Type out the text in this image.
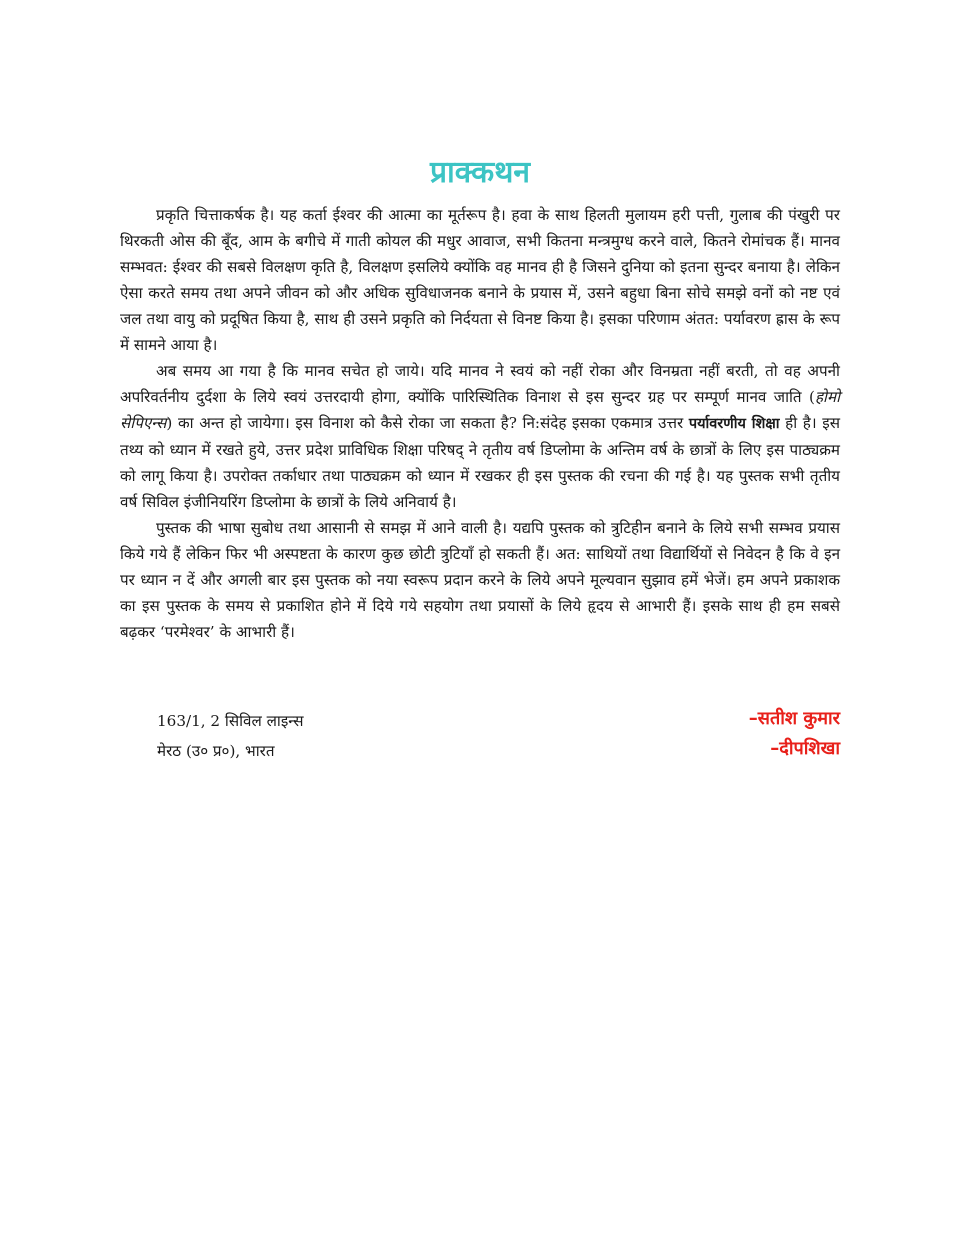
प्राक्कथन

प्रकृति चित्ताकर्षक है। यह कर्ता ईश्वर की आत्मा का मूर्तरूप है। हवा के साथ हिलती मुलायम हरी पत्ती, गुलाब की पंखुरी पर थिरकती ओस की बूँद, आम के बगीचे में गाती कोयल की मधुर आवाज, सभी कितना मन्त्रमुग्ध करने वाले, कितने रोमांचक हैं। मानव सम्भवत: ईश्वर की सबसे विलक्षण कृति है, विलक्षण इसलिये क्योंकि वह मानव ही है जिसने दुनिया को इतना सुन्दर बनाया है। लेकिन ऐसा करते समय तथा अपने जीवन को और अधिक सुविधाजनक बनाने के प्रयास में, उसने बहुधा बिना सोचे समझे वनों को नष्ट एवं जल तथा वायु को प्रदूषित किया है, साथ ही उसने प्रकृति को निर्दयता से विनष्ट किया है। इसका परिणाम अंतत: पर्यावरण ह्रास के रूप में सामने आया है।

अब समय आ गया है कि मानव सचेत हो जाये। यदि मानव ने स्वयं को नहीं रोका और विनम्रता नहीं बरती, तो वह अपनी अपरिवर्तनीय दुर्दशा के लिये स्वयं उत्तरदायी होगा, क्योंकि पारिस्थितिक विनाश से इस सुन्दर ग्रह पर सम्पूर्ण मानव जाति (होमो सेपिएन्स) का अन्त हो जायेगा। इस विनाश को कैसे रोका जा सकता है? नि:संदेह इसका एकमात्र उत्तर पर्यावरणीय शिक्षा ही है। इस तथ्य को ध्यान में रखते हुये, उत्तर प्रदेश प्राविधिक शिक्षा परिषद् ने तृतीय वर्ष डिप्लोमा के अन्तिम वर्ष के छात्रों के लिए इस पाठ्यक्रम को लागू किया है। उपरोक्त तर्काधार तथा पाठ्यक्रम को ध्यान में रखकर ही इस पुस्तक की रचना की गई है। यह पुस्तक सभी तृतीय वर्ष सिविल इंजीनियरिंग डिप्लोमा के छात्रों के लिये अनिवार्य है।

पुस्तक की भाषा सुबोध तथा आसानी से समझ में आने वाली है। यद्यपि पुस्तक को त्रुटिहीन बनाने के लिये सभी सम्भव प्रयास किये गये हैं लेकिन फिर भी अस्पष्टता के कारण कुछ छोटी त्रुटियाँ हो सकती हैं। अत: साथियों तथा विद्यार्थियों से निवेदन है कि वे इन पर ध्यान न दें और अगली बार इस पुस्तक को नया स्वरूप प्रदान करने के लिये अपने मूल्यवान सुझाव हमें भेजें। हम अपने प्रकाशक का इस पुस्तक के समय से प्रकाशित होने में दिये गये सहयोग तथा प्रयासों के लिये हृदय से आभारी हैं। इसके साथ ही हम सबसे बढ़कर ‘परमेश्वर’ के आभारी हैं।

163/1, 2 सिविल लाइन्स
मेरठ (उ० प्र०), भारत
–सतीश कुमार
–दीपशिखा
